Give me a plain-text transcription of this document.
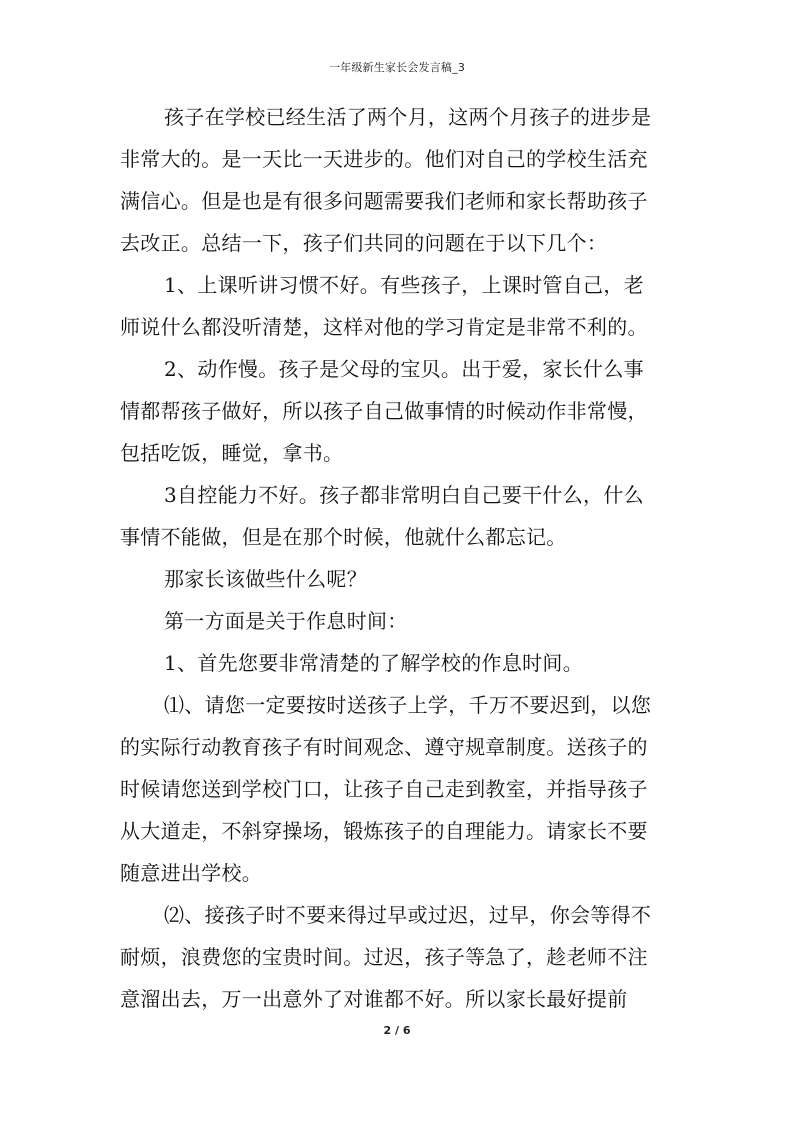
一年级新生家长会发言稿_3
孩子在学校已经生活了两个月，这两个月孩子的进步是
非常大的。是一天比一天进步的。他们对自己的学校生活充
满信心。但是也是有很多问题需要我们老师和家长帮助孩子
去改正。总结一下，孩子们共同的问题在于以下几个：
1、上课听讲习惯不好。有些孩子，上课时管自己，老
师说什么都没听清楚，这样对他的学习肯定是非常不利的。
2、动作慢。孩子是父母的宝贝。出于爱，家长什么事
情都帮孩子做好，所以孩子自己做事情的时候动作非常慢，
包括吃饭，睡觉，拿书。
3自控能力不好。孩子都非常明白自己要干什么，什么
事情不能做，但是在那个时候，他就什么都忘记。
那家长该做些什么呢？
第一方面是关于作息时间：
1、首先您要非常清楚的了解学校的作息时间。
⑴、请您一定要按时送孩子上学，千万不要迟到，以您
的实际行动教育孩子有时间观念、遵守规章制度。送孩子的
时候请您送到学校门口，让孩子自己走到教室，并指导孩子
从大道走，不斜穿操场，锻炼孩子的自理能力。请家长不要
随意进出学校。
⑵、接孩子时不要来得过早或过迟，过早，你会等得不
耐烦，浪费您的宝贵时间。过迟，孩子等急了，趁老师不注
意溜出去，万一出意外了对谁都不好。所以家长最好提前
2 / 6
